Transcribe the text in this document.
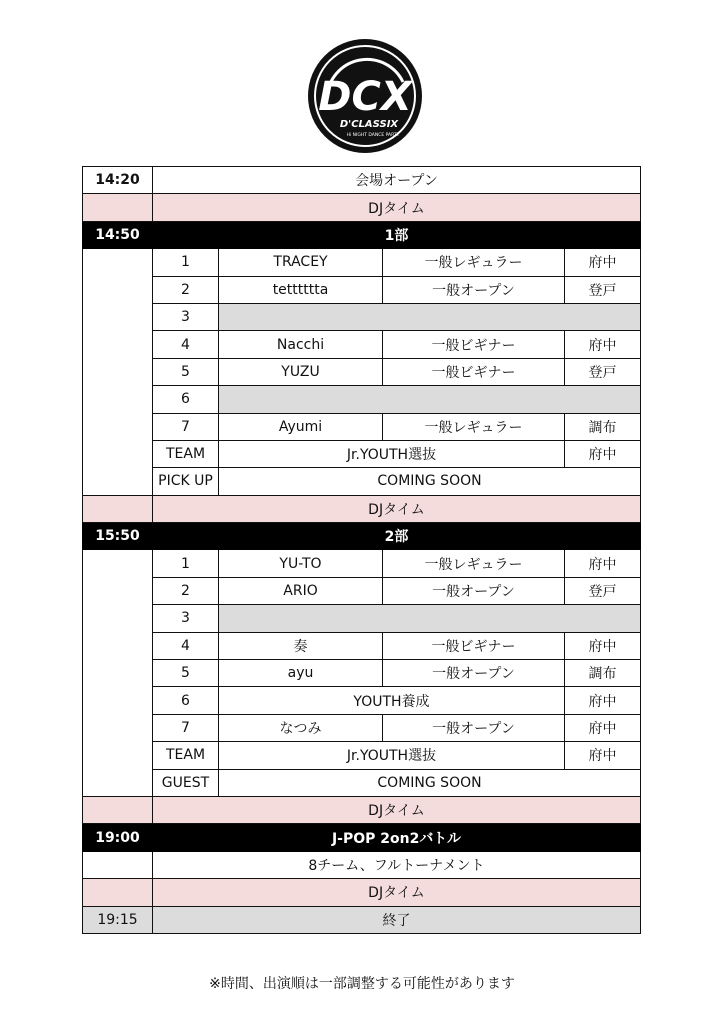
DCX
D'CLASSIX
Hi NIGHT DANCE PARTY
14:20	会場オープン			
	DJタイム			
14:50	1部			
	1	TRACEY	一般レギュラー	府中
	2	tetttttta	一般オープン	登戸
	3			
	4	Nacchi	一般ビギナー	府中
	5	YUZU	一般ビギナー	登戸
	6			
	7	Ayumi	一般レギュラー	調布
	TEAM	Jr.YOUTH選抜		府中
	PICK UP	COMING SOON		
	DJタイム			
15:50	2部			
	1	YU-TO	一般レギュラー	府中
	2	ARIO	一般オープン	登戸
	3			
	4	奏	一般ビギナー	府中
	5	ayu	一般オープン	調布
	6	YOUTH養成		府中
	7	なつみ	一般オープン	府中
	TEAM	Jr.YOUTH選抜		府中
	GUEST	COMING SOON		
	DJタイム			
19:00	J-POP 2on2バトル			
	8チーム、フルトーナメント			
	DJタイム			
19:15	終了			
※時間、出演順は一部調整する可能性があります
